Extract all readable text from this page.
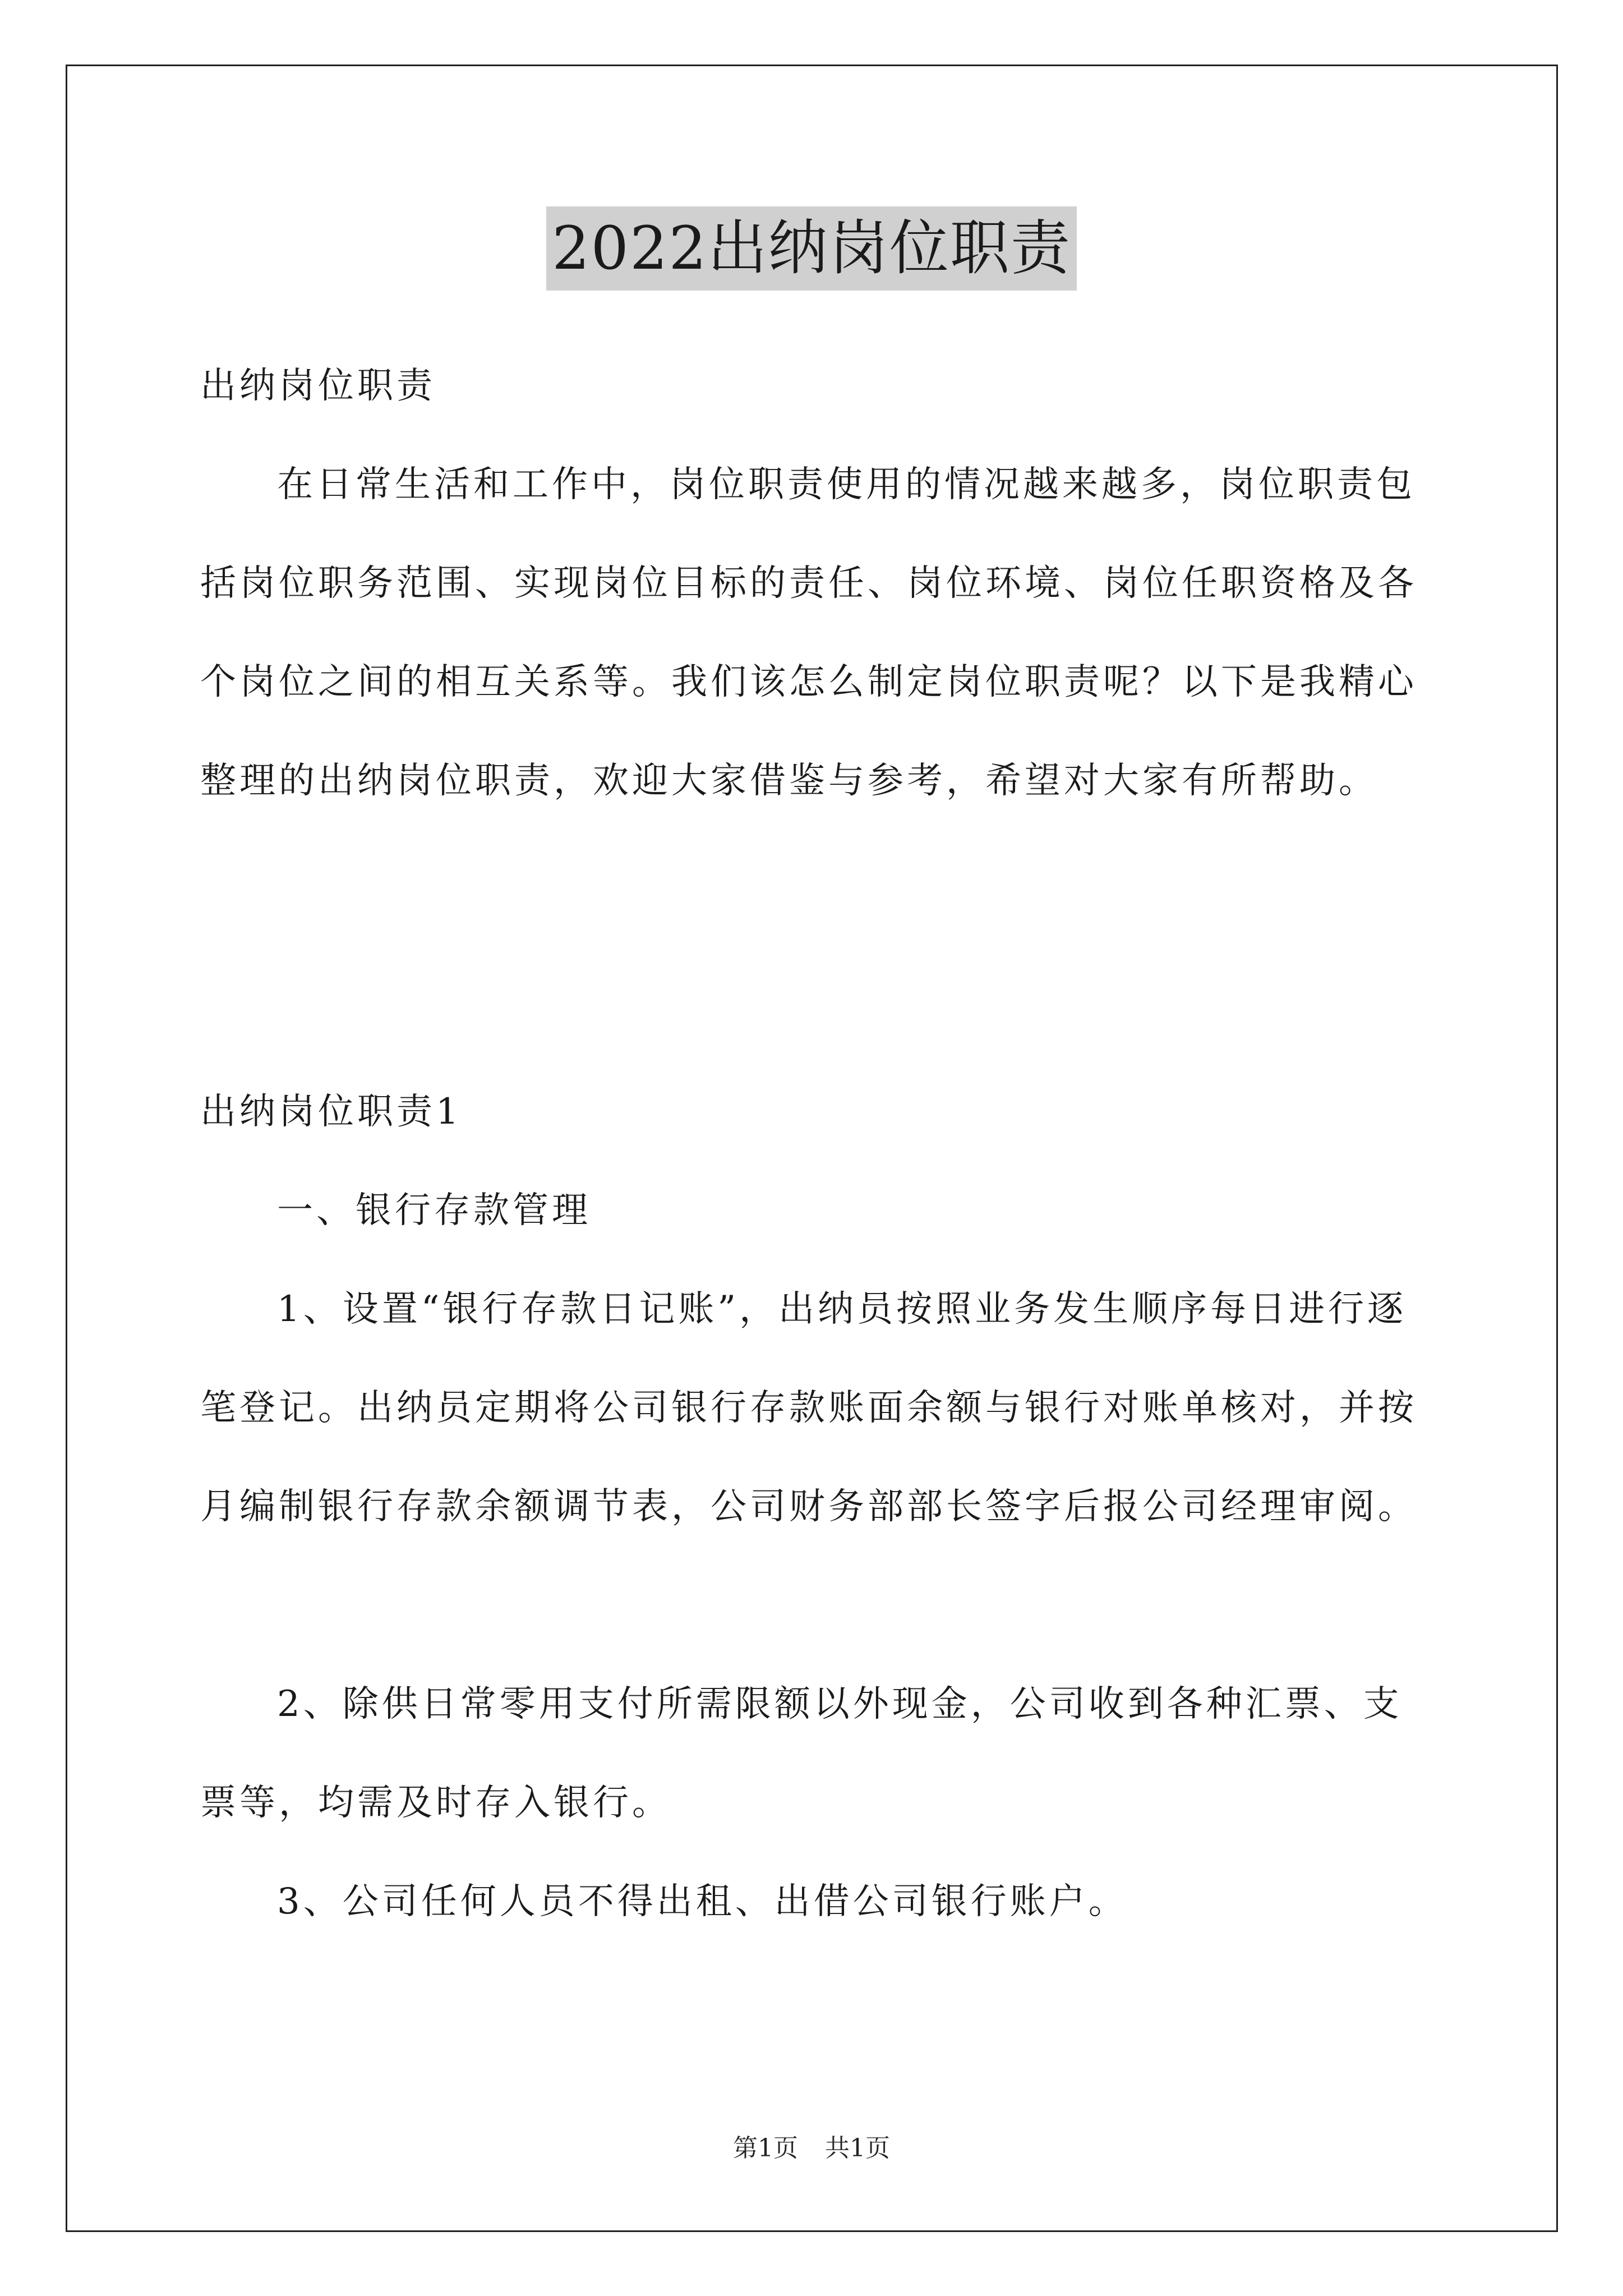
2022出纳岗位职责

出纳岗位职责

在日常生活和工作中，岗位职责使用的情况越来越多，岗位职责包括岗位职务范围、实现岗位目标的责任、岗位环境、岗位任职资格及各个岗位之间的相互关系等。我们该怎么制定岗位职责呢？以下是我精心整理的出纳岗位职责，欢迎大家借鉴与参考，希望对大家有所帮助。

出纳岗位职责1

一、银行存款管理

1、设置“银行存款日记账”，出纳员按照业务发生顺序每日进行逐笔登记。出纳员定期将公司银行存款账面余额与银行对账单核对，并按月编制银行存款余额调节表，公司财务部部长签字后报公司经理审阅。

2、除供日常零用支付所需限额以外现金，公司收到各种汇票、支票等，均需及时存入银行。

3、公司任何人员不得出租、出借公司银行账户。

第1页 共1页
